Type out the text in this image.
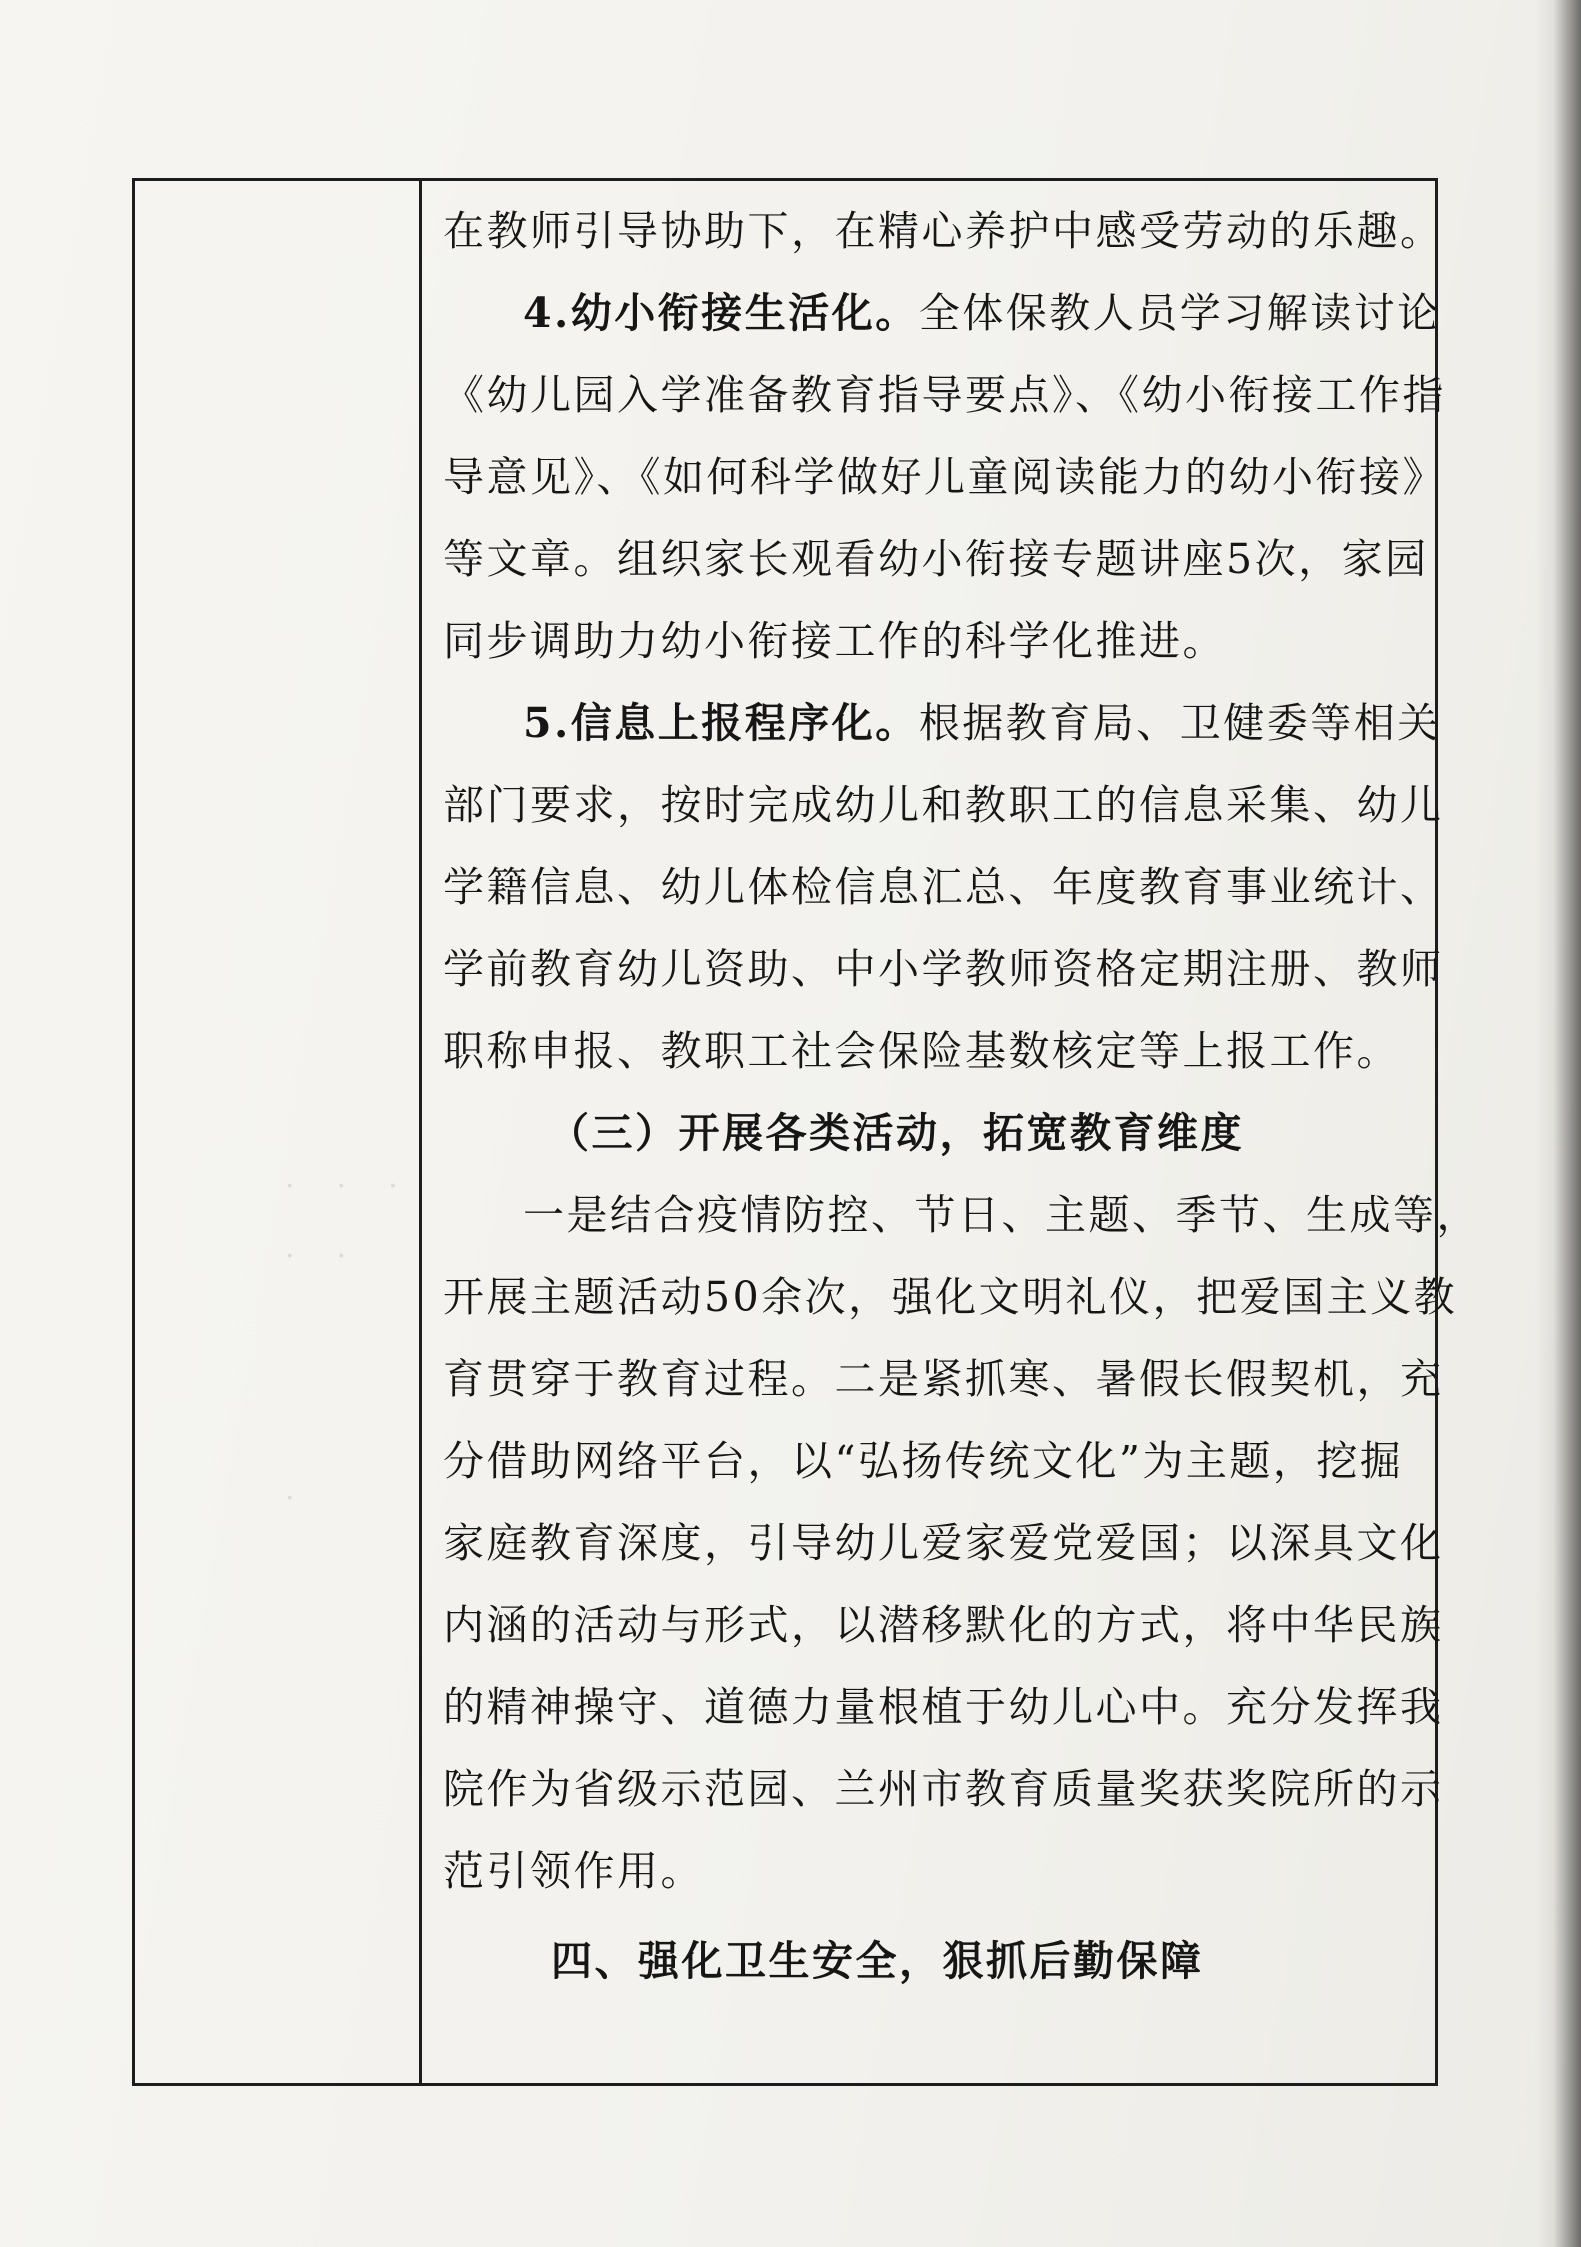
·　·　·
·　·
·
在教师引导协助下，在精心养护中感受劳动的乐趣。
4.幼小衔接生活化。全体保教人员学习解读讨论
《幼儿园入学准备教育指导要点》、《幼小衔接工作指
导意见》、《如何科学做好儿童阅读能力的幼小衔接》
等文章。组织家长观看幼小衔接专题讲座5次，家园
同步调助力幼小衔接工作的科学化推进。
5.信息上报程序化。根据教育局、卫健委等相关
部门要求，按时完成幼儿和教职工的信息采集、幼儿
学籍信息、幼儿体检信息汇总、年度教育事业统计、
学前教育幼儿资助、中小学教师资格定期注册、教师
职称申报、教职工社会保险基数核定等上报工作。
（三）开展各类活动，拓宽教育维度
一是结合疫情防控、节日、主题、季节、生成等，
开展主题活动50余次，强化文明礼仪，把爱国主义教
育贯穿于教育过程。二是紧抓寒、暑假长假契机，充
分借助网络平台，以“弘扬传统文化”为主题，挖掘
家庭教育深度，引导幼儿爱家爱党爱国；以深具文化
内涵的活动与形式，以潜移默化的方式，将中华民族
的精神操守、道德力量根植于幼儿心中。充分发挥我
院作为省级示范园、兰州市教育质量奖获奖院所的示
范引领作用。
四、强化卫生安全，狠抓后勤保障
